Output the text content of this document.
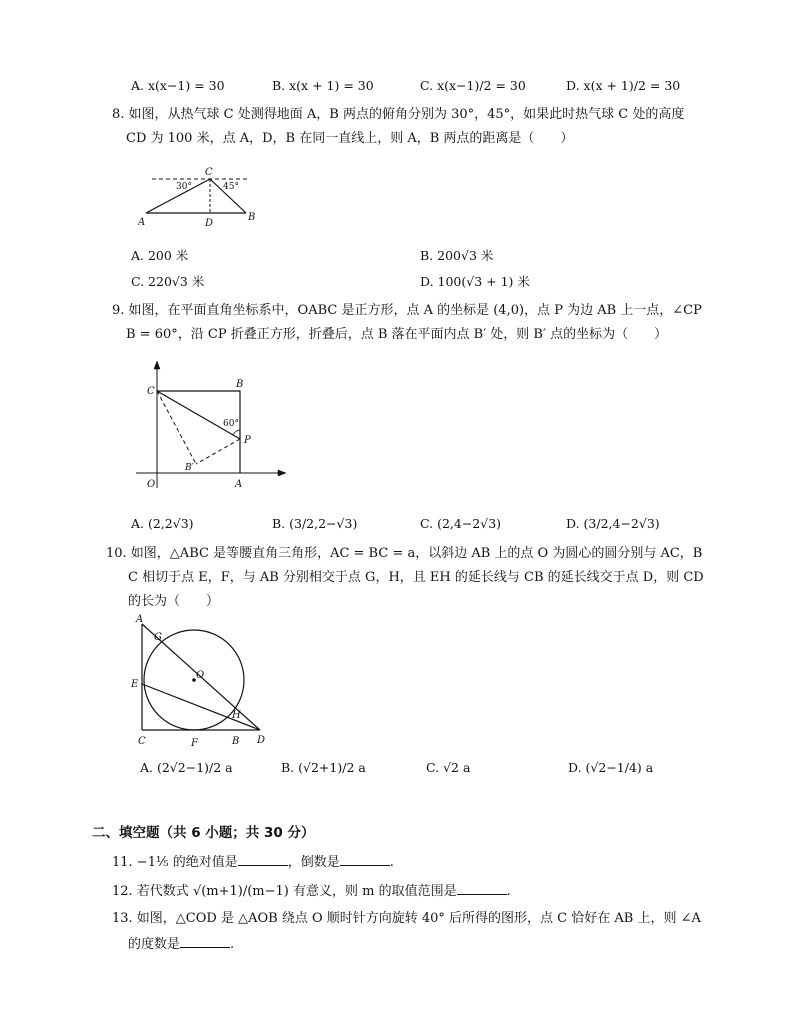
A. x(x−1) = 30	B. x(x + 1) = 30	C. x(x−1)/2 = 30	D. x(x + 1)/2 = 30
8. 如图，从热气球 C 处测得地面 A，B 两点的俯角分别为 30°，45°，如果此时热气球 C 处的高度
CD 为 100 米，点 A，D，B 在同一直线上，则 A，B 两点的距离是（　　）
C
30°	45°
A	D
B
A. 200 米	B. 200√3 米
C. 220√3 米	D. 100(√3 + 1) 米
9. 如图，在平面直角坐标系中，OABC 是正方形，点 A 的坐标是 (4,0)，点 P 为边 AB 上一点，∠CP
B = 60°，沿 CP 折叠正方形，折叠后，点 B 落在平面内点 B′ 处，则 B′ 点的坐标为（　　）
C
B
60°
P
B′
O	A
A. (2,2√3)	B. (3/2,2−√3)	C. (2,4−2√3)	D. (3/2,4−2√3)
10. 如图，△ABC 是等腰直角三角形，AC = BC = a，以斜边 AB 上的点 O 为圆心的圆分别与 AC，B
C 相切于点 E，F，与 AB 分别相交于点 G，H，且 EH 的延长线与 CB 的延长线交于点 D，则 CD
的长为（　　）
A
G
O
E
H
C	F	B D
A. (2√2−1)/2 a	B. (√2+1)/2 a	C. √2 a	D. (√2−1/4) a
二、填空题（共 6 小题；共 30 分）
11. −1⅕ 的绝对值是	，倒数是	.
12. 若代数式 √(m+1)/(m−1) 有意义，则 m 的取值范围是	.
13. 如图，△COD 是 △AOB 绕点 O 顺时针方向旋转 40° 后所得的图形，点 C 恰好在 AB 上，则 ∠A
的度数是	.
